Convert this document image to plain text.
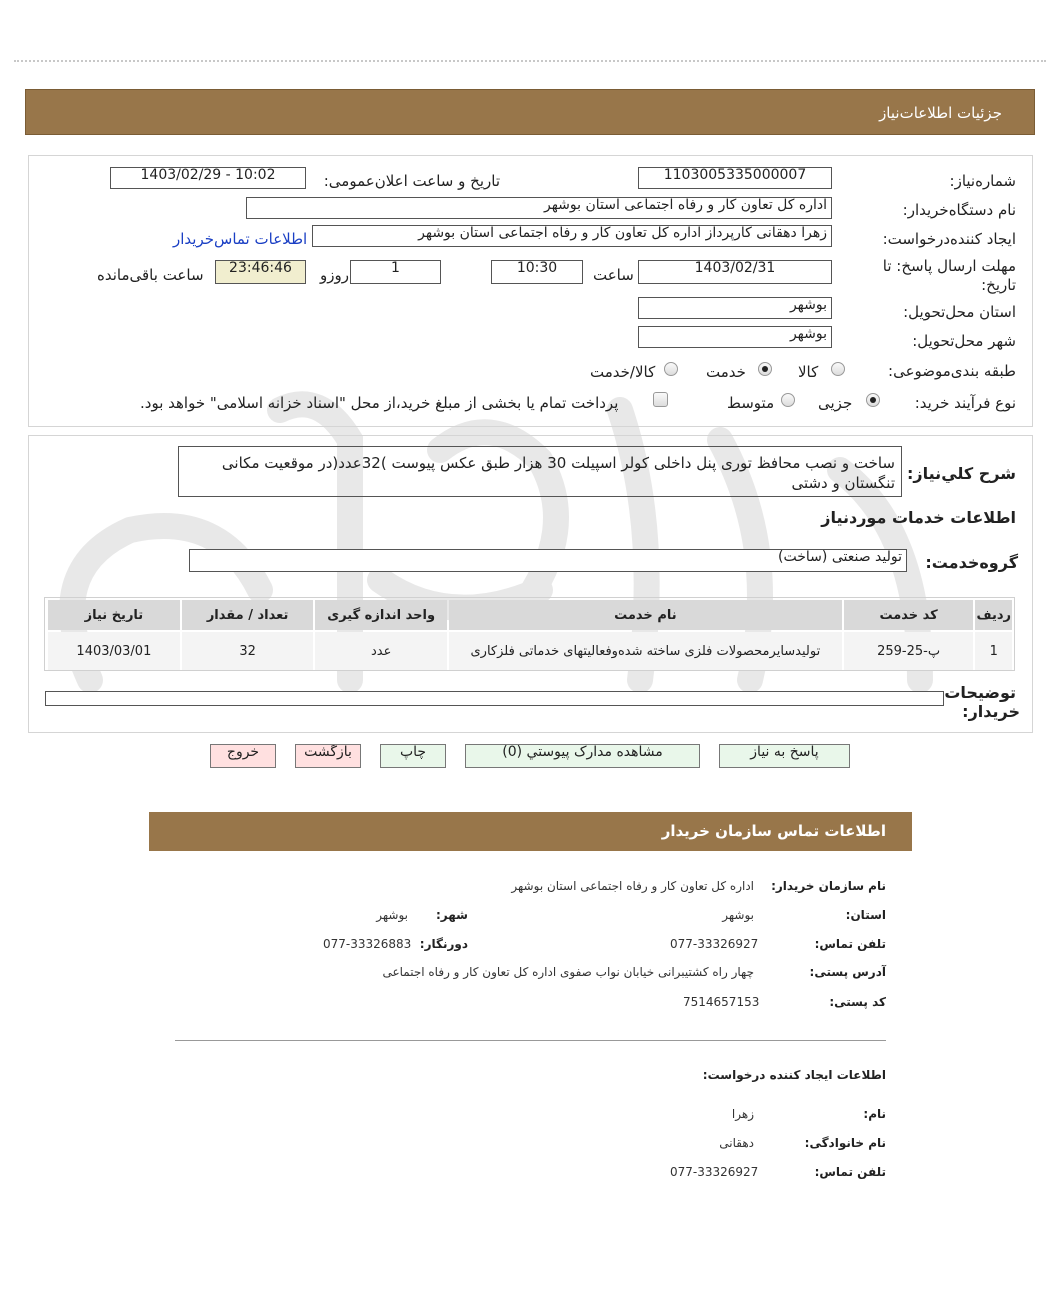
جزئیات اطلاعات‌نیاز
شماره‌نیاز:
1103005335000007
تاریخ و ساعت اعلان‌عمومی:
1403/02/29 - 10:02
نام دستگاه‌خریدار:
اداره کل تعاون کار و رفاه اجتماعی استان بوشهر
ایجاد کننده‌درخواست:
زهرا دهقانی کارپرداز اداره کل تعاون کار و رفاه اجتماعی استان بوشهر
اطلاعات تماس‌خریدار
مهلت ارسال پاسخ: تا
تاریخ:
1403/02/31
ساعت
10:30
1
روزو
23:46:46
ساعت باقی‌مانده
استان محل‌تحویل:
بوشهر
شهر محل‌تحویل:
بوشهر
طبقه بندی‌موضوعی:
کالا
خدمت
کالا/خدمت
نوع فرآیند خرید:
جزیی
متوسط
پرداخت تمام یا بخشی از مبلغ خرید،از محل "اسناد خزانه اسلامی" خواهد بود.
شرح کلي‌نیاز:
ساخت و نصب محافظ توری پنل داخلی کولر اسپیلت 30 هزار طبق عکس پیوست )32عدد(در موقعیت مکانی تنگستان و دشتی
اطلاعات خدمات موردنیاز
گروه‌خدمت:
تولید صنعتی (ساخت)
ردیف	کد خدمت	نام خدمت	واحد اندازه گیری	تعداد / مقدار	تاریخ نیاز
1	پ-25-259	تولیدسایرمحصولات فلزی ساخته شده‌وفعالیتهای خدماتی فلزکاری	عدد	32	1403/03/01
توضیحات
خریدار:
پاسخ به نیاز
مشاهده مدارک پیوستي (0)
چاپ
بازگشت
خروج
اطلاعات تماس سازمان خریدار
نام سازمان خریدار:
اداره کل تعاون کار و رفاه اجتماعی استان بوشهر
استان:
بوشهر
شهر:
بوشهر
تلفن تماس:
077-33326927
دورنگار:
077-33326883
آدرس پستی:
چهار راه کشتیبرانی خیابان نواب صفوی اداره کل تعاون کار و رفاه اجتماعی
کد پستی:
7514657153
اطلاعات ایجاد کننده درخواست:
نام:
زهرا
نام خانوادگی:
دهقانی
تلفن تماس:
077-33326927
